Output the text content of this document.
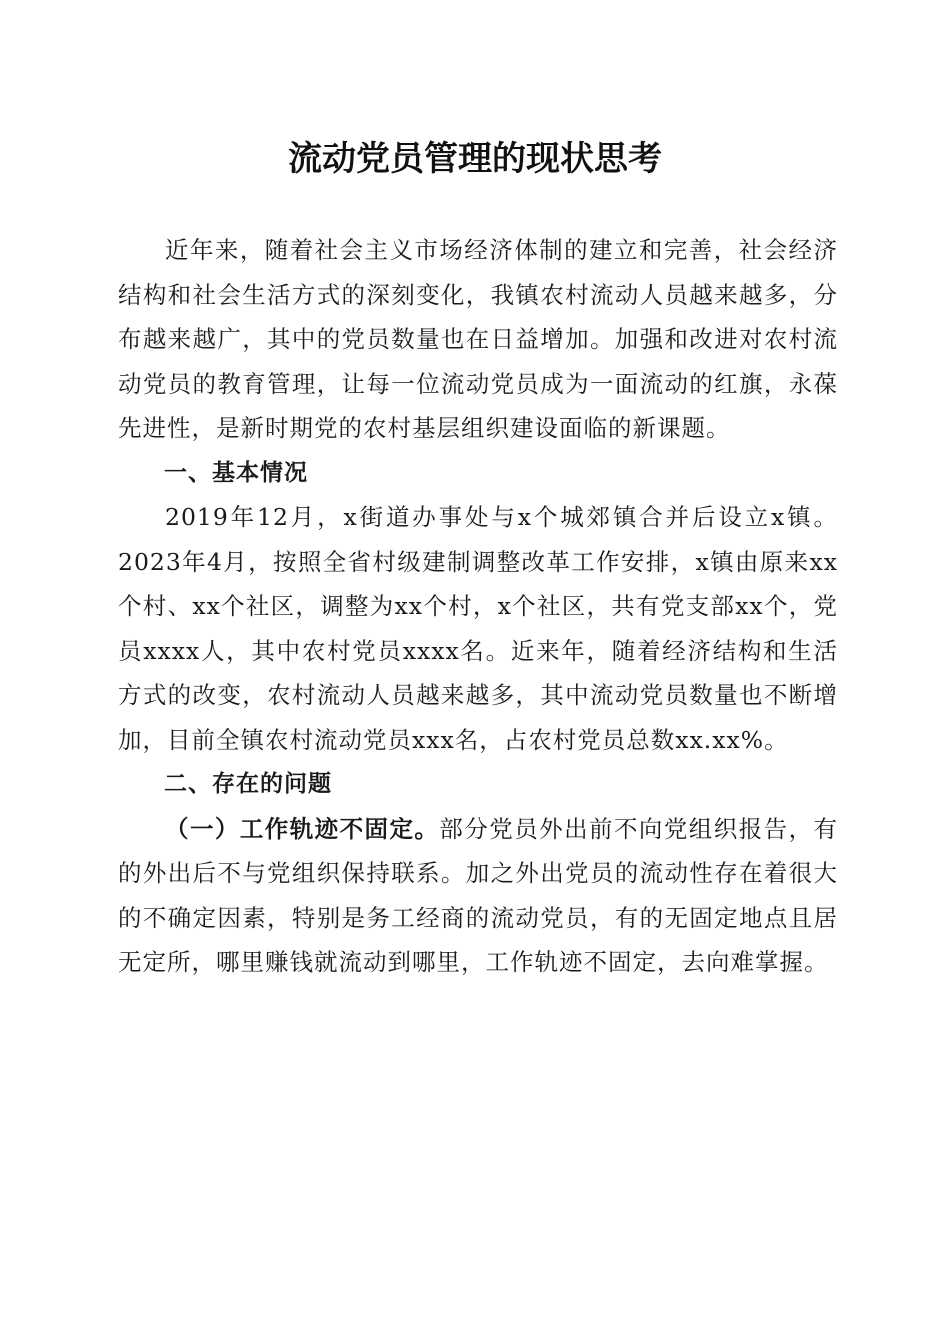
流动党员管理的现状思考

近年来，随着社会主义市场经济体制的建立和完善，社会经济结构和社会生活方式的深刻变化，我镇农村流动人员越来越多，分布越来越广，其中的党员数量也在日益增加。加强和改进对农村流动党员的教育管理，让每一位流动党员成为一面流动的红旗，永葆先进性，是新时期党的农村基层组织建设面临的新课题。

一、基本情况

2019年12月，x街道办事处与x个城郊镇合并后设立x镇。2023年4月，按照全省村级建制调整改革工作安排，x镇由原来xx个村、xx个社区，调整为xx个村，x个社区，共有党支部xx个，党员xxxx人，其中农村党员xxxx名。近来年，随着经济结构和生活方式的改变，农村流动人员越来越多，其中流动党员数量也不断增加，目前全镇农村流动党员xxx名，占农村党员总数xx.xx%。

二、存在的问题

（一）工作轨迹不固定。部分党员外出前不向党组织报告，有的外出后不与党组织保持联系。加之外出党员的流动性存在着很大的不确定因素，特别是务工经商的流动党员，有的无固定地点且居无定所，哪里赚钱就流动到哪里，工作轨迹不固定，去向难掌握。
